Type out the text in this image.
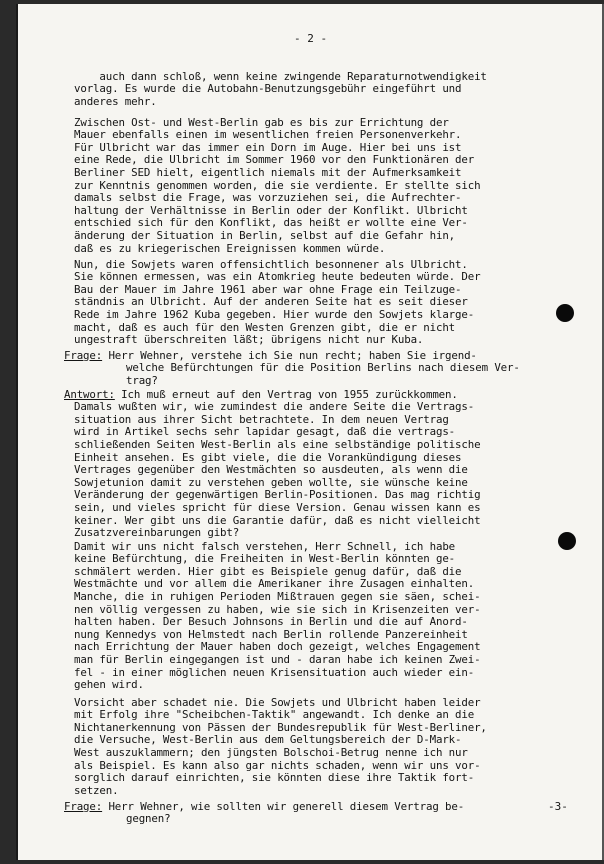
- 2 -

auch dann schloß, wenn keine zwingende Reparaturnotwendigkeit
vorlag. Es wurde die Autobahn-Benutzungsgebühr eingeführt und
anderes mehr.

Zwischen Ost- und West-Berlin gab es bis zur Errichtung der
Mauer ebenfalls einen im wesentlichen freien Personenverkehr.
Für Ulbricht war das immer ein Dorn im Auge. Hier bei uns ist
eine Rede, die Ulbricht im Sommer 1960 vor den Funktionären der
Berliner SED hielt, eigentlich niemals mit der Aufmerksamkeit
zur Kenntnis genommen worden, die sie verdiente. Er stellte sich
damals selbst die Frage, was vorzuziehen sei, die Aufrechter-
haltung der Verhältnisse in Berlin oder der Konflikt. Ulbricht
entschied sich für den Konflikt, das heißt er wollte eine Ver-
änderung der Situation in Berlin, selbst auf die Gefahr hin,
daß es zu kriegerischen Ereignissen kommen würde.

Nun, die Sowjets waren offensichtlich besonnener als Ulbricht.
Sie können ermessen, was ein Atomkrieg heute bedeuten würde. Der
Bau der Mauer im Jahre 1961 aber war ohne Frage ein Teilzuge-
ständnis an Ulbricht. Auf der anderen Seite hat es seit dieser
Rede im Jahre 1962 Kuba gegeben. Hier wurde den Sowjets klarge-
macht, daß es auch für den Westen Grenzen gibt, die er nicht
ungestraft überschreiten läßt; übrigens nicht nur Kuba.

Frage: Herr Wehner, verstehe ich Sie nun recht; haben Sie irgend-
welche Befürchtungen für die Position Berlins nach diesem Ver-
trag?

Antwort: Ich muß erneut auf den Vertrag von 1955 zurückkommen.
Damals wußten wir, wie zumindest die andere Seite die Vertrags-
situation aus ihrer Sicht betrachtete. In dem neuen Vertrag
wird in Artikel sechs sehr lapidar gesagt, daß die vertrags-
schließenden Seiten West-Berlin als eine selbständige politische
Einheit ansehen. Es gibt viele, die die Vorankündigung dieses
Vertrages gegenüber den Westmächten so ausdeuten, als wenn die
Sowjetunion damit zu verstehen geben wollte, sie wünsche keine
Veränderung der gegenwärtigen Berlin-Positionen. Das mag richtig
sein, und vieles spricht für diese Version. Genau wissen kann es
keiner. Wer gibt uns die Garantie dafür, daß es nicht vielleicht
Zusatzvereinbarungen gibt?

Damit wir uns nicht falsch verstehen, Herr Schnell, ich habe
keine Befürchtung, die Freiheiten in West-Berlin könnten ge-
schmälert werden. Hier gibt es Beispiele genug dafür, daß die
Westmächte und vor allem die Amerikaner ihre Zusagen einhalten.
Manche, die in ruhigen Perioden Mißtrauen gegen sie säen, schei-
nen völlig vergessen zu haben, wie sie sich in Krisenzeiten ver-
halten haben. Der Besuch Johnsons in Berlin und die auf Anord-
nung Kennedys von Helmstedt nach Berlin rollende Panzereinheit
nach Errichtung der Mauer haben doch gezeigt, welches Engagement
man für Berlin eingegangen ist und - daran habe ich keinen Zwei-
fel - in einer möglichen neuen Krisensituation auch wieder ein-
gehen wird.

Vorsicht aber schadet nie. Die Sowjets und Ulbricht haben leider
mit Erfolg ihre "Scheibchen-Taktik" angewandt. Ich denke an die
Nichtanerkennung von Pässen der Bundesrepublik für West-Berliner,
die Versuche, West-Berlin aus dem Geltungsbereich der D-Mark-
West auszuklammern; den jüngsten Bolschoi-Betrug nenne ich nur
als Beispiel. Es kann also gar nichts schaden, wenn wir uns vor-
sorglich darauf einrichten, sie könnten diese ihre Taktik fort-
setzen.

Frage: Herr Wehner, wie sollten wir generell diesem Vertrag be-
gegnen?
-3-
